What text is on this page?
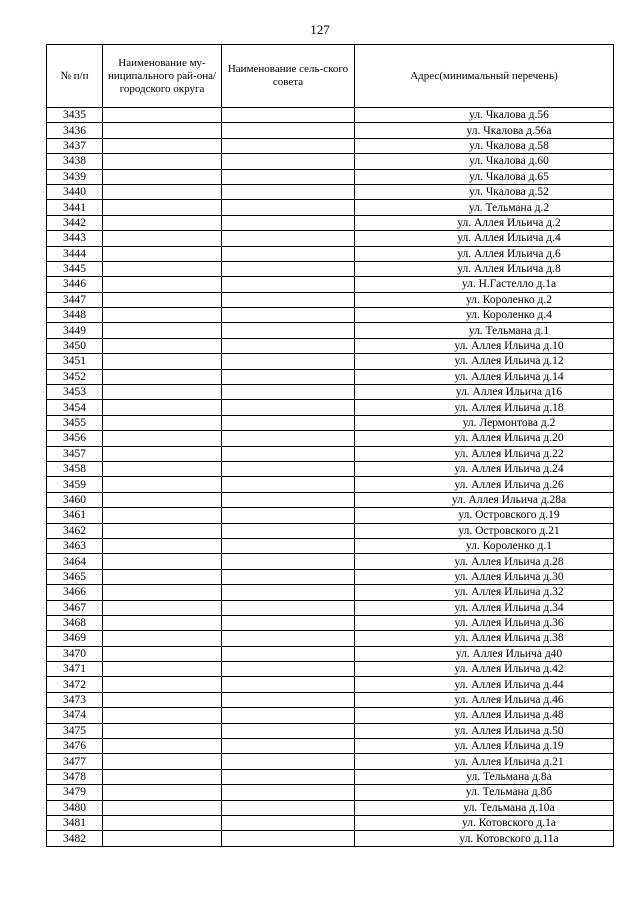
127
№ п/п	Наименование му-ниципального рай-она/ городского округа	Наименование сель-ского совета	Адрес(минимальный перечень)
3435			ул. Чкалова д.56
3436			ул. Чкалова д.56а
3437			ул. Чкалова д.58
3438			ул. Чкалова д.60
3439			ул. Чкалова д.65
3440			ул. Чкалова д.52
3441			ул. Тельмана д.2
3442			ул. Аллея Ильича д.2
3443			ул. Аллея Ильича д.4
3444			ул. Аллея Ильича д.6
3445			ул. Аллея Ильича д.8
3446			ул. Н.Гастелло д.1а
3447			ул. Короленко д.2
3448			ул. Короленко д.4
3449			ул. Тельмана д.1
3450			ул. Аллея Ильича д.10
3451			ул. Аллея Ильича д.12
3452			ул. Аллея Ильича д.14
3453			ул. Аллея Ильича д16
3454			ул. Аллея Ильича д.18
3455			ул. Лермонтова д.2
3456			ул. Аллея Ильича д.20
3457			ул. Аллея Ильича д.22
3458			ул. Аллея Ильича д.24
3459			ул. Аллея Ильича д.26
3460			ул. Аллея Ильича д.28а
3461			ул. Островского д.19
3462			ул. Островского д.21
3463			ул. Короленко д.1
3464			ул. Аллея Ильича д.28
3465			ул. Аллея Ильича д.30
3466			ул. Аллея Ильича д.32
3467			ул. Аллея Ильича д.34
3468			ул. Аллея Ильича д.36
3469			ул. Аллея Ильича д.38
3470			ул. Аллея Ильича д40
3471			ул. Аллея Ильича д.42
3472			ул. Аллея Ильича д.44
3473			ул. Аллея Ильича д.46
3474			ул. Аллея Ильича д.48
3475			ул. Аллея Ильича д.50
3476			ул. Аллея Ильича д.19
3477			ул. Аллея Ильича д.21
3478			ул. Тельмана д.8а
3479			ул. Тельмана д.8б
3480			ул. Тельмана д.10а
3481			ул. Котовского д.1а
3482			ул. Котовского д.11а
